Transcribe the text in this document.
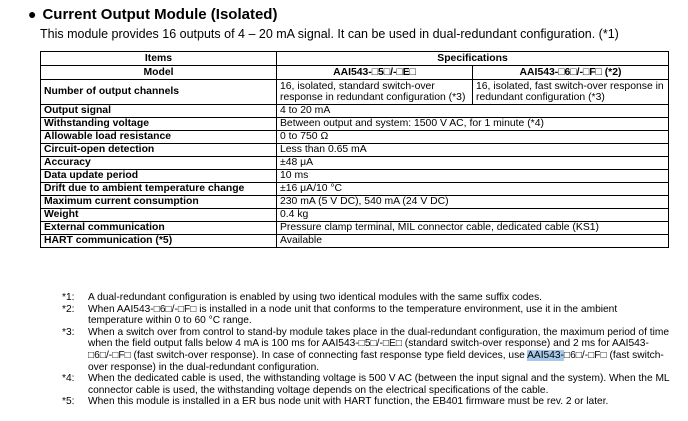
● Current Output Module (Isolated)
This module provides 16 outputs of 4 – 20 mA signal. It can be used in dual-redundant configuration. (*1)
Items	Specifications	
Model	AAI543-□5□/-□E□	AAI543-□6□/-□F□ (*2)
Number of output channels	16, isolated, standard switch-over response in redundant configuration (*3)	16, isolated, fast switch-over response in redundant configuration (*3)
Output signal	4 to 20 mA	
Withstanding voltage	Between output and system: 1500 V AC, for 1 minute (*4)	
Allowable load resistance	0 to 750 Ω	
Circuit-open detection	Less than 0.65 mA	
Accuracy	±48 μA	
Data update period	10 ms	
Drift due to ambient temperature change	±16 μA/10 °C	
Maximum current consumption	230 mA (5 V DC), 540 mA (24 V DC)	
Weight	0.4 kg	
External communication	Pressure clamp terminal, MIL connector cable, dedicated cable (KS1)	
HART communication (*5)	Available	
*1:	A dual-redundant configuration is enabled by using two identical modules with the same suffix codes.
*2:	When AAI543-□6□/-□F□ is installed in a node unit that conforms to the temperature environment, use it in the ambient temperature within 0 to 60 °C range.
*3:	When a switch over from control to stand-by module takes place in the dual-redundant configuration, the maximum period of time when the field output falls below 4 mA is 100 ms for AAI543-□5□/-□E□ (standard switch-over response) and 2 ms for AAI543-□6□/-□F□ (fast switch-over response). In case of connecting fast response type field devices, use AAI543-□6□/-□F□ (fast switch-over response) in the dual-redundant configuration.
*4:	When the dedicated cable is used, the withstanding voltage is 500 V AC (between the input signal and the system). When the ML connector cable is used, the withstanding voltage depends on the electrical specifications of the cable.
*5:	When this module is installed in a ER bus node unit with HART function, the EB401 firmware must be rev. 2 or later.
